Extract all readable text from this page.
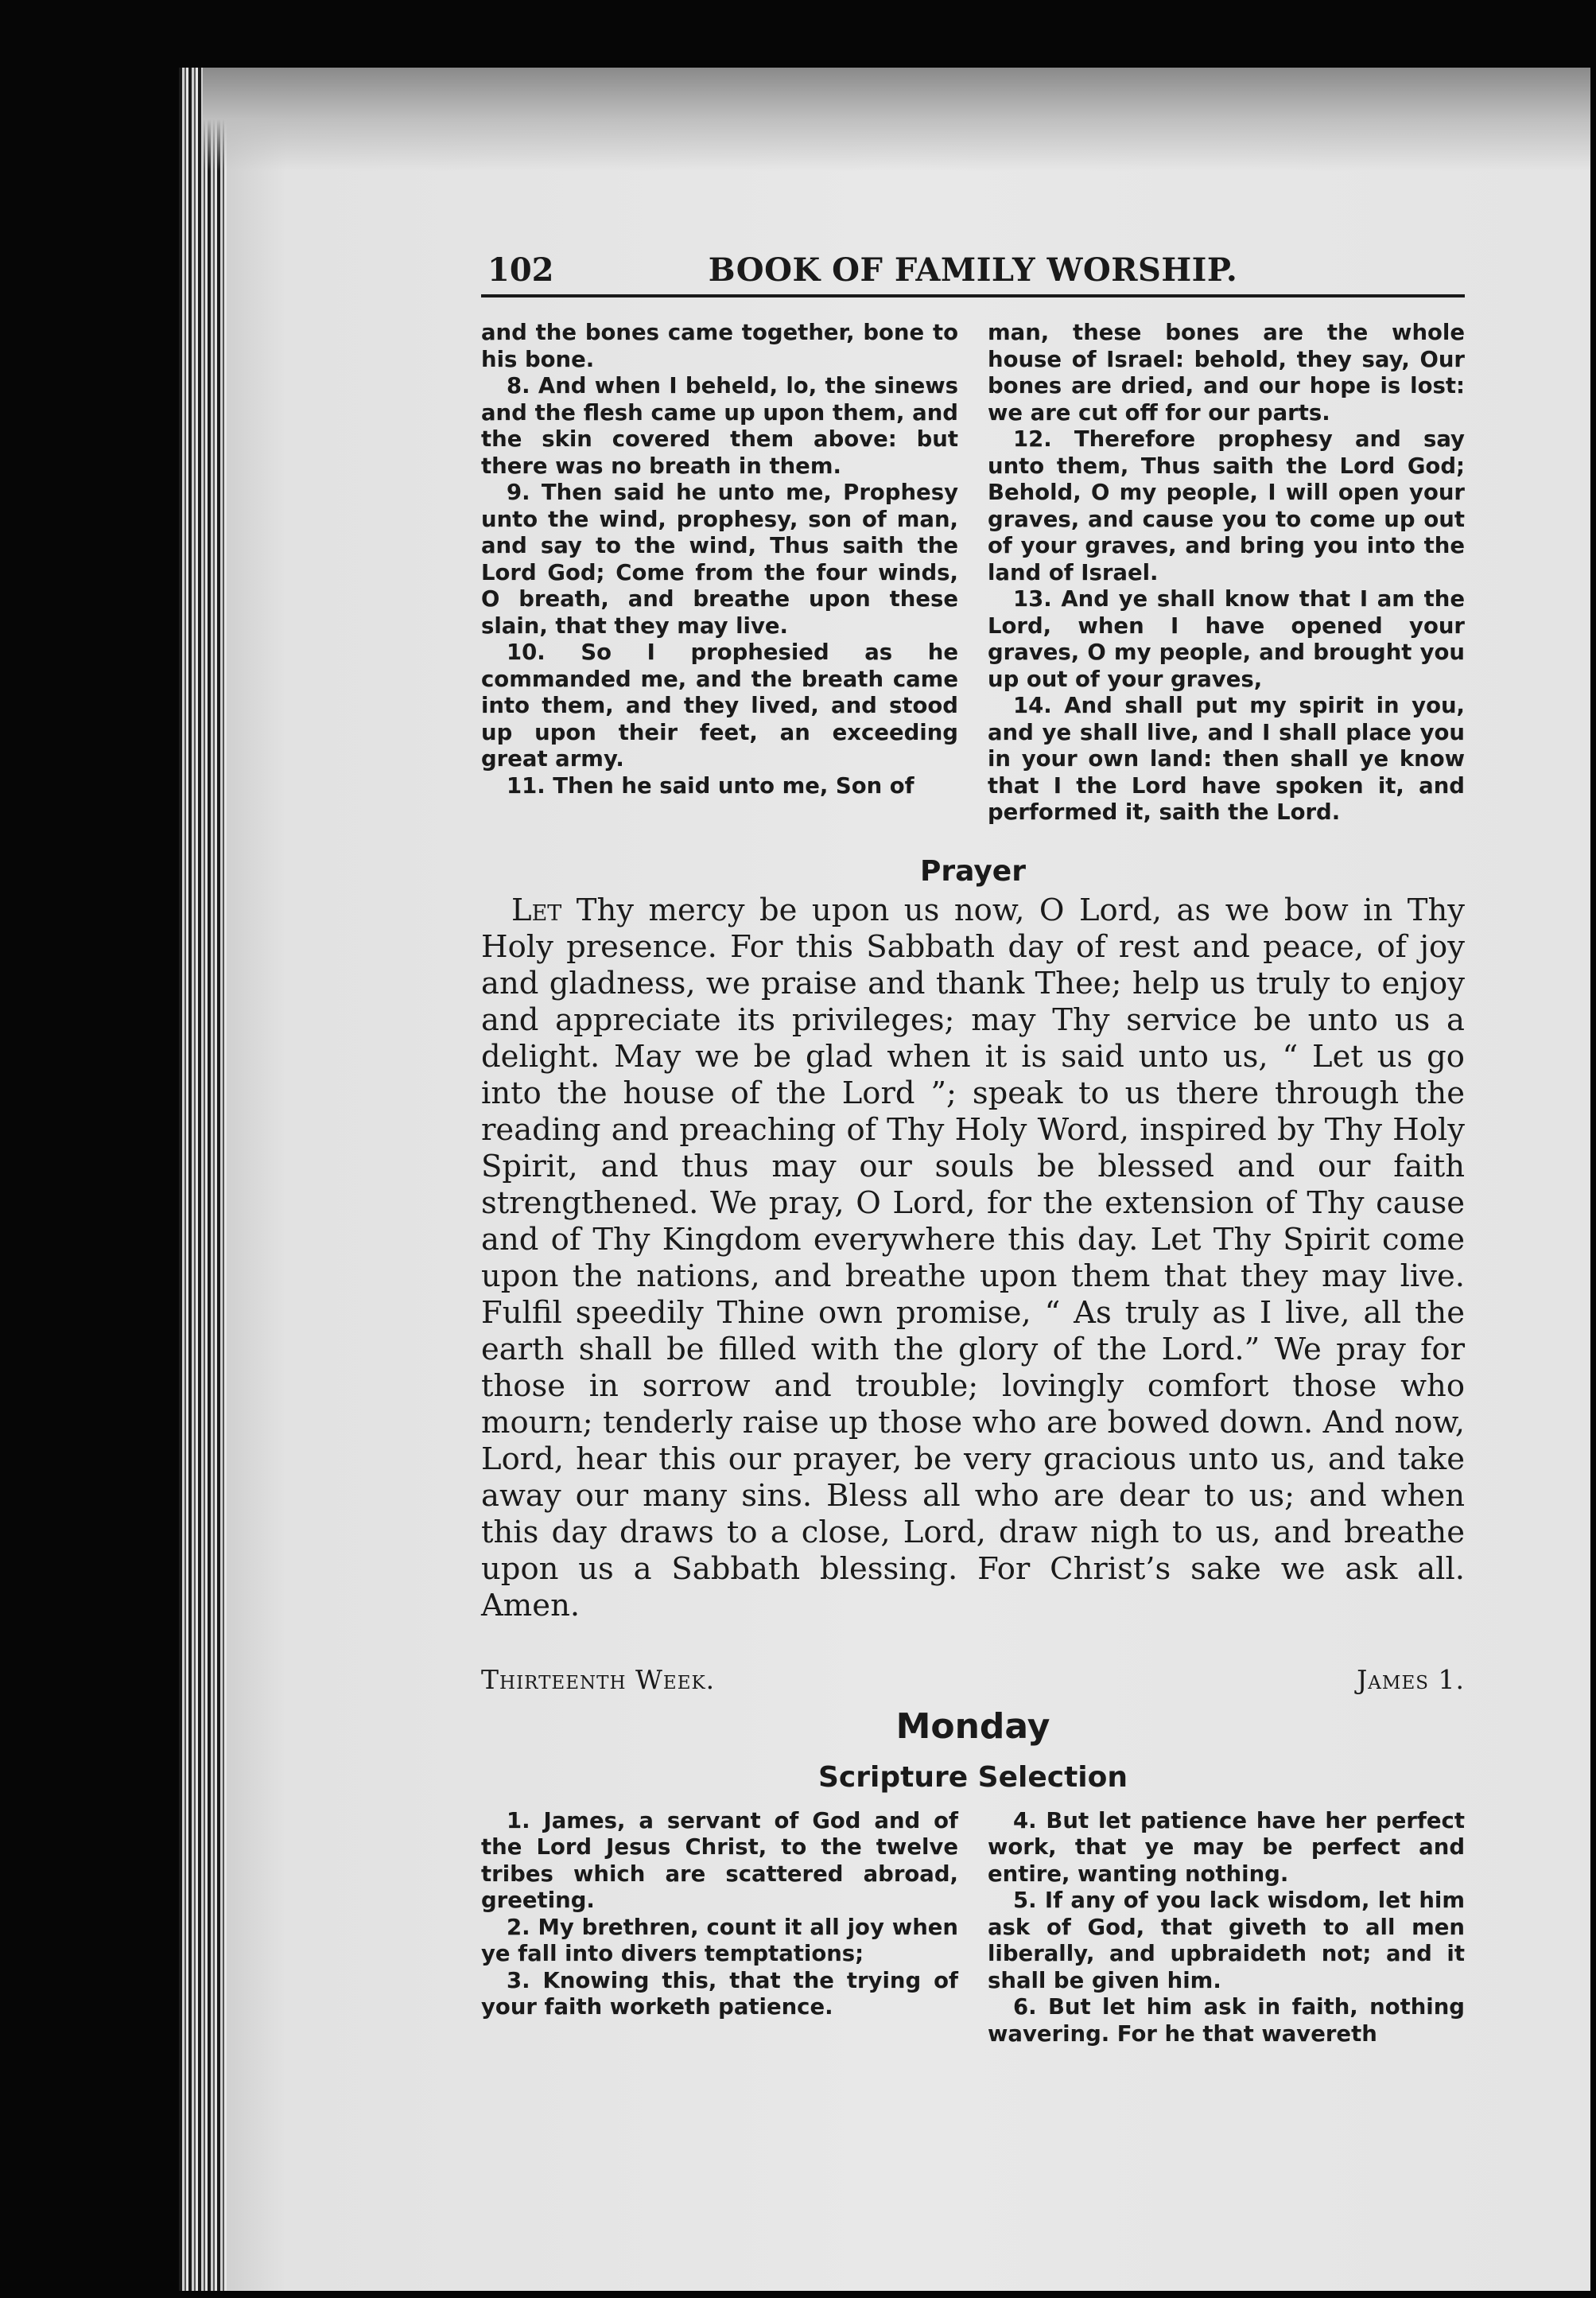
102	BOOK OF FAMILY WORSHIP.

and the bones came together, bone to his bone.

8. And when I beheld, lo, the sinews and the flesh came up upon them, and the skin covered them above: but there was no breath in them.

9. Then said he unto me, Prophesy unto the wind, prophesy, son of man, and say to the wind, Thus saith the Lord God; Come from the four winds, O breath, and breathe upon these slain, that they may live.

10. So I prophesied as he commanded me, and the breath came into them, and they lived, and stood up upon their feet, an exceeding great army.

11. Then he said unto me, Son of

man, these bones are the whole house of Israel: behold, they say, Our bones are dried, and our hope is lost: we are cut off for our parts.

12. Therefore prophesy and say unto them, Thus saith the Lord God; Behold, O my people, I will open your graves, and cause you to come up out of your graves, and bring you into the land of Israel.

13. And ye shall know that I am the Lord, when I have opened your graves, O my people, and brought you up out of your graves,

14. And shall put my spirit in you, and ye shall live, and I shall place you in your own land: then shall ye know that I the Lord have spoken it, and performed it, saith the Lord.

Prayer

Let Thy mercy be upon us now, O Lord, as we bow in Thy Holy presence. For this Sabbath day of rest and peace, of joy and gladness, we praise and thank Thee; help us truly to enjoy and appreciate its privileges; may Thy service be unto us a delight. May we be glad when it is said unto us, “ Let us go into the house of the Lord ”; speak to us there through the reading and preaching of Thy Holy Word, inspired by Thy Holy Spirit, and thus may our souls be blessed and our faith strengthened. We pray, O Lord, for the extension of Thy cause and of Thy Kingdom everywhere this day. Let Thy Spirit come upon the nations, and breathe upon them that they may live. Fulfil speedily Thine own promise, “ As truly as I live, all the earth shall be filled with the glory of the Lord.” We pray for those in sorrow and trouble; lovingly comfort those who mourn; tenderly raise up those who are bowed down. And now, Lord, hear this our prayer, be very gracious unto us, and take away our many sins. Bless all who are dear to us; and when this day draws to a close, Lord, draw nigh to us, and breathe upon us a Sabbath blessing. For Christ’s sake we ask all. Amen.

Thirteenth Week.	James 1.
Monday
Scripture Selection

1. James, a servant of God and of the Lord Jesus Christ, to the twelve tribes which are scattered abroad, greeting.

2. My brethren, count it all joy when ye fall into divers temptations;

3. Knowing this, that the trying of your faith worketh patience.

4. But let patience have her perfect work, that ye may be perfect and entire, wanting nothing.

5. If any of you lack wisdom, let him ask of God, that giveth to all men liberally, and upbraideth not; and it shall be given him.

6. But let him ask in faith, nothing wavering. For he that wavereth
